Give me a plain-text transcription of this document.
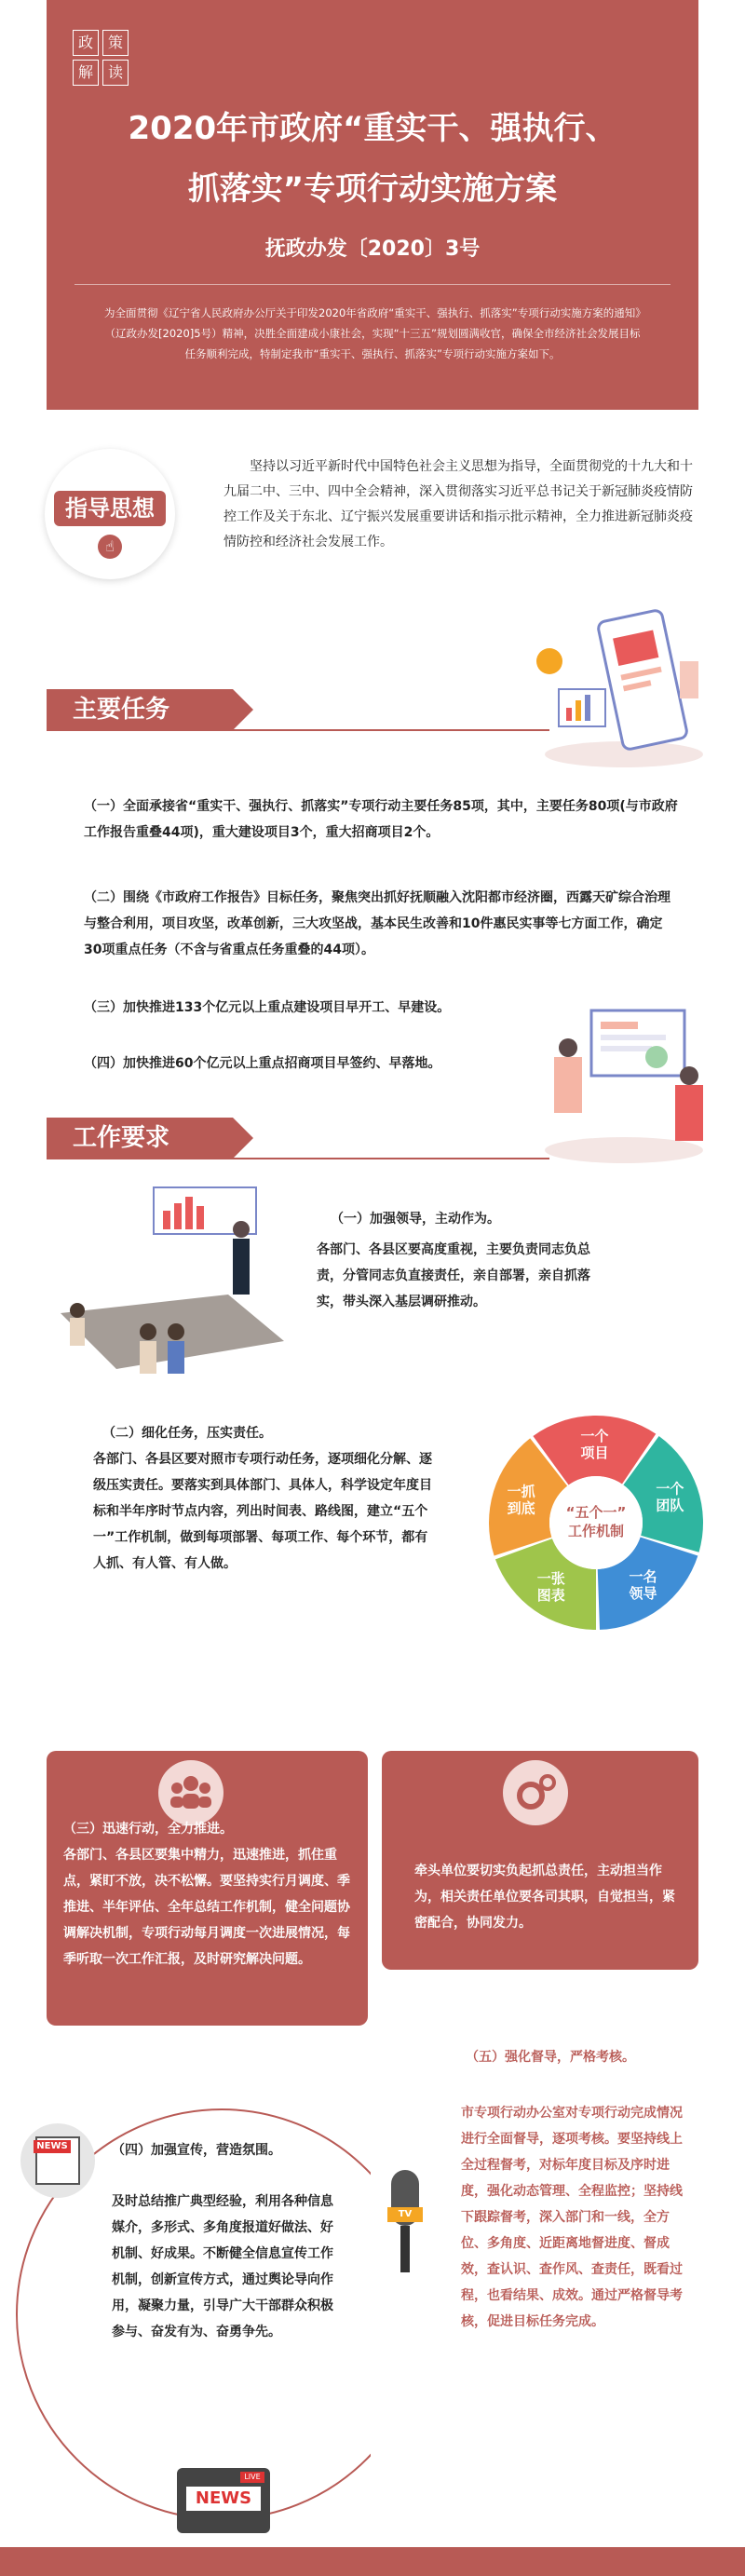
政 策
解 读
2020年市政府“重实干、强执行、
抓落实”专项行动实施方案
抚政办发〔2020〕3号
为全面贯彻《辽宁省人民政府办公厅关于印发2020年省政府“重实干、强执行、抓落实”专项行动实施方案的通知》（辽政办发[2020]5号）精神，决胜全面建成小康社会，实现“十三五”规划圆满收官，确保全市经济社会发展目标任务顺利完成，特制定我市“重实干、强执行、抓落实”专项行动实施方案如下。
指导思想
☝
坚持以习近平新时代中国特色社会主义思想为指导，全面贯彻党的十九大和十九届二中、三中、四中全会精神，深入贯彻落实习近平总书记关于新冠肺炎疫情防控工作及关于东北、辽宁振兴发展重要讲话和指示批示精神，全力推进新冠肺炎疫情防控和经济社会发展工作。
主要任务
（一）全面承接省“重实干、强执行、抓落实”专项行动主要任务85项，其中，主要任务80项(与市政府工作报告重叠44项)，重大建设项目3个，重大招商项目2个。
（二）围绕《市政府工作报告》目标任务，聚焦突出抓好抚顺融入沈阳都市经济圈，西露天矿综合治理与整合利用，项目攻坚，改革创新，三大攻坚战，基本民生改善和10件惠民实事等七方面工作，确定30项重点任务（不含与省重点任务重叠的44项）。
（三）加快推进133个亿元以上重点建设项目早开工、早建设。
（四）加快推进60个亿元以上重点招商项目早签约、早落地。
工作要求
（一）加强领导，主动作为。
各部门、各县区要高度重视，主要负责同志负总责，分管同志负直接责任，亲自部署，亲自抓落实，带头深入基层调研推动。
（二）细化任务，压实责任。
各部门、各县区要对照市专项行动任务，逐项细化分解、逐级压实责任。要落实到具体部门、具体人，科学设定年度目标和半年序时节点内容，列出时间表、路线图，建立“五个一”工作机制，做到每项部署、每项工作、每个环节，都有人抓、有人管、有人做。
“五个一”
工作机制
一个
项目
一个
团队
一名
领导
一张
图表
一抓
到底
（三）迅速行动，全力推进。
各部门、各县区要集中精力，迅速推进，抓住重点，紧盯不放，决不松懈。要坚持实行月调度、季推进、半年评估、全年总结工作机制，健全问题协调解决机制，专项行动每月调度一次进展情况，每季听取一次工作汇报，及时研究解决问题。
牵头单位要切实负起抓总责任，主动担当作为，相关责任单位要各司其职，自觉担当，紧密配合，协同发力。
NEWS	（四）加强宣传，营造氛围。
及时总结推广典型经验，利用各种信息媒介，多形式、多角度报道好做法、好机制、好成果。不断健全信息宣传工作机制，创新宣传方式，通过舆论导向作用，凝聚力量，引导广大干部群众积极参与、奋发有为、奋勇争先。
TV
NEWS
LIVE
（五）强化督导，严格考核。
市专项行动办公室对专项行动完成情况进行全面督导，逐项考核。要坚持线上全过程督考，对标年度目标及序时进度，强化动态管理、全程监控；坚持线下跟踪督考，深入部门和一线，全方位、多角度、近距离地督进度、督成效，查认识、查作风、查责任，既看过程，也看结果、成效。通过严格督导考核，促进目标任务完成。
